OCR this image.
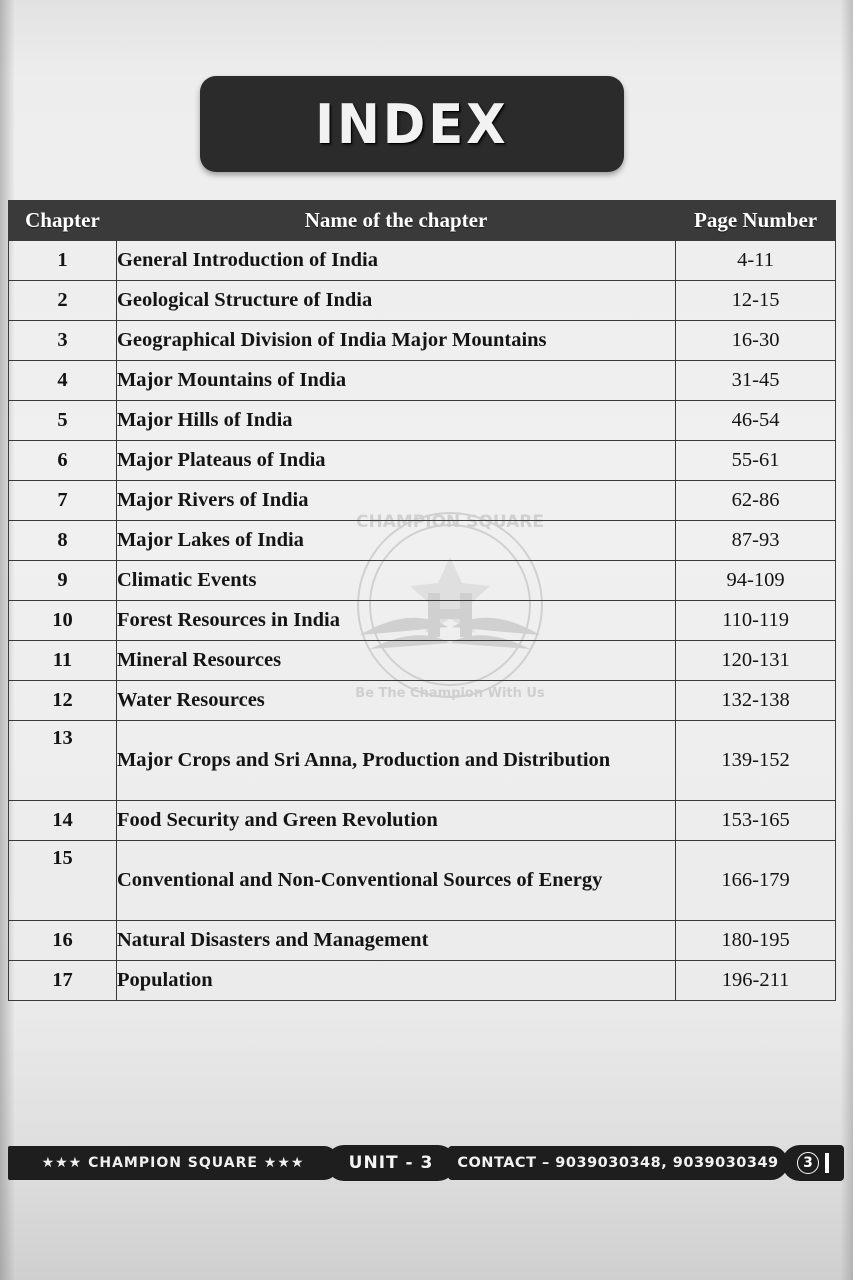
INDEX
CHAMPION SQUARE
Be The Champion With Us
Chapter	Name of the chapter	Page Number
1	General Introduction of India	4-11
2	Geological Structure of India	12-15
3	Geographical Division of India Major Mountains	16-30
4	Major Mountains of India	31-45
5	Major Hills of India	46-54
6	Major Plateaus of India	55-61
7	Major Rivers of India	62-86
8	Major Lakes of India	87-93
9	Climatic Events	94-109
10	Forest Resources in India	110-119
11	Mineral Resources	120-131
12	Water Resources	132-138
13	Major Crops and Sri Anna, Production and Distribution	139-152
14	Food Security and Green Revolution	153-165
15	Conventional and Non-Conventional Sources of Energy	166-179
16	Natural Disasters and Management	180-195
17	Population	196-211
★★★ CHAMPION SQUARE ★★★	UNIT - 3	CONTACT – 9039030348, 9039030349	3
